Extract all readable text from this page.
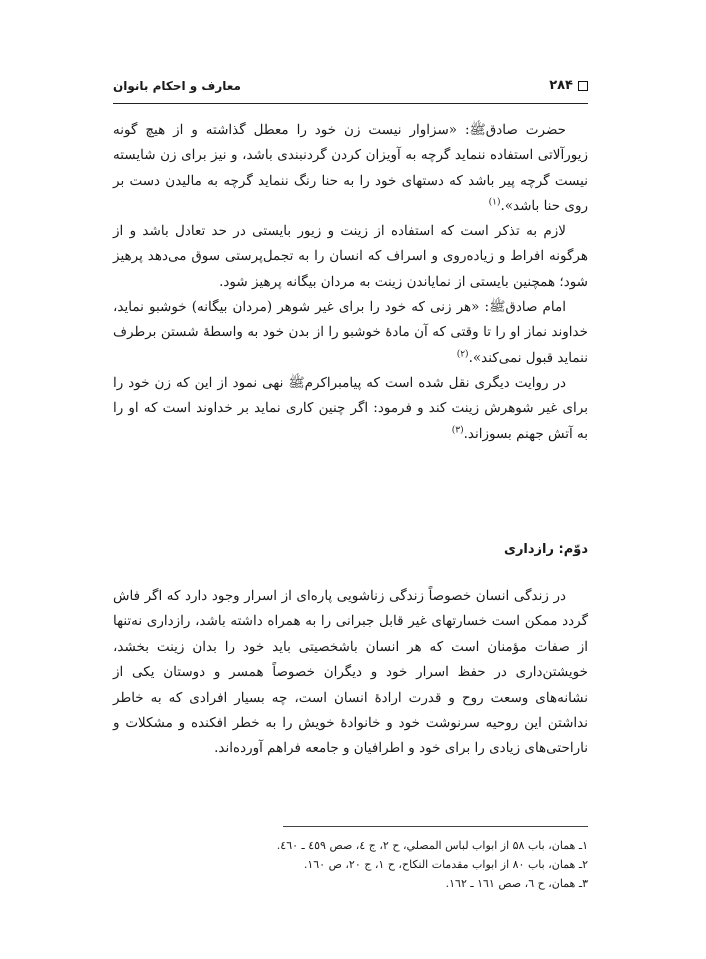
۲۸۴
معارف و احکام بانوان

حضرت صادقﷺ: «سزاوار نیست زن خود را معطل گذاشته و از هیچ گونه زیورآلاتی استفاده ننماید گرچه به آویزان کردن گردنبندی باشد، و نیز برای زن شایسته نیست گرچه پیر باشد که دستهای خود را به حنا رنگ ننماید گرچه به مالیدن دست بر روی حنا باشد».$^{(۱)}$

لازم به تذکر است که استفاده از زینت و زیور بایستی در حد تعادل باشد و از هرگونه افراط و زیاده‌روی و اسراف که انسان را به تجمل‌پرستی سوق می‌دهد پرهیز شود؛ همچنین بایستی از نمایاندن زینت به مردان بیگانه پرهیز شود.

امام صادقﷺ: «هر زنی که خود را برای غیر شوهر (مردان بیگانه) خوشبو نماید، خداوند نماز او را تا وقتی که آن مادهٔ خوشبو را از بدن خود به واسطهٔ شستن برطرف ننماید قبول نمی‌کند».$^{(۲)}$

در روایت دیگری نقل شده است که پیامبراکرمﷺ نهی نمود از این که زن خود را برای غیر شوهرش زینت کند و فرمود: اگر چنین کاری نماید بر خداوند است که او را به آتش جهنم بسوزاند.$^{(۳)}$

دوّم: رازداری

در زندگی انسان خصوصاً زندگی زناشویی پاره‌ای از اسرار وجود دارد که اگر فاش گردد ممکن است خسارتهای غیر قابل جبرانی را به همراه داشته باشد، رازداری نه‌تنها از صفات مؤمنان است که هر انسان باشخصیتی باید خود را بدان زینت بخشد، خویشتن‌داری در حفظ اسرار خود و دیگران خصوصاً همسر و دوستان یکی از نشانه‌های وسعت روح و قدرت ارادهٔ انسان است، چه بسیار افرادی که به خاطر نداشتن این روحیه سرنوشت خود و خانوادهٔ خویش را به خطر افکنده و مشکلات و ناراحتی‌های زیادی را برای خود و اطرافیان و جامعه فراهم آورده‌اند.

۱ـ همان، باب ۵۸ از ابواب لباس المصلي، ح ۲، ج ٤، صص ٤٥٩ ـ ٤٦٠.
۲ـ همان، باب ۸۰ از ابواب مقدمات النكاح، ح ۱، ج ۲۰، ص ۱٦٠.
۳ـ همان، ح ٦، صص ۱٦۱ ـ ۱٦۲.
